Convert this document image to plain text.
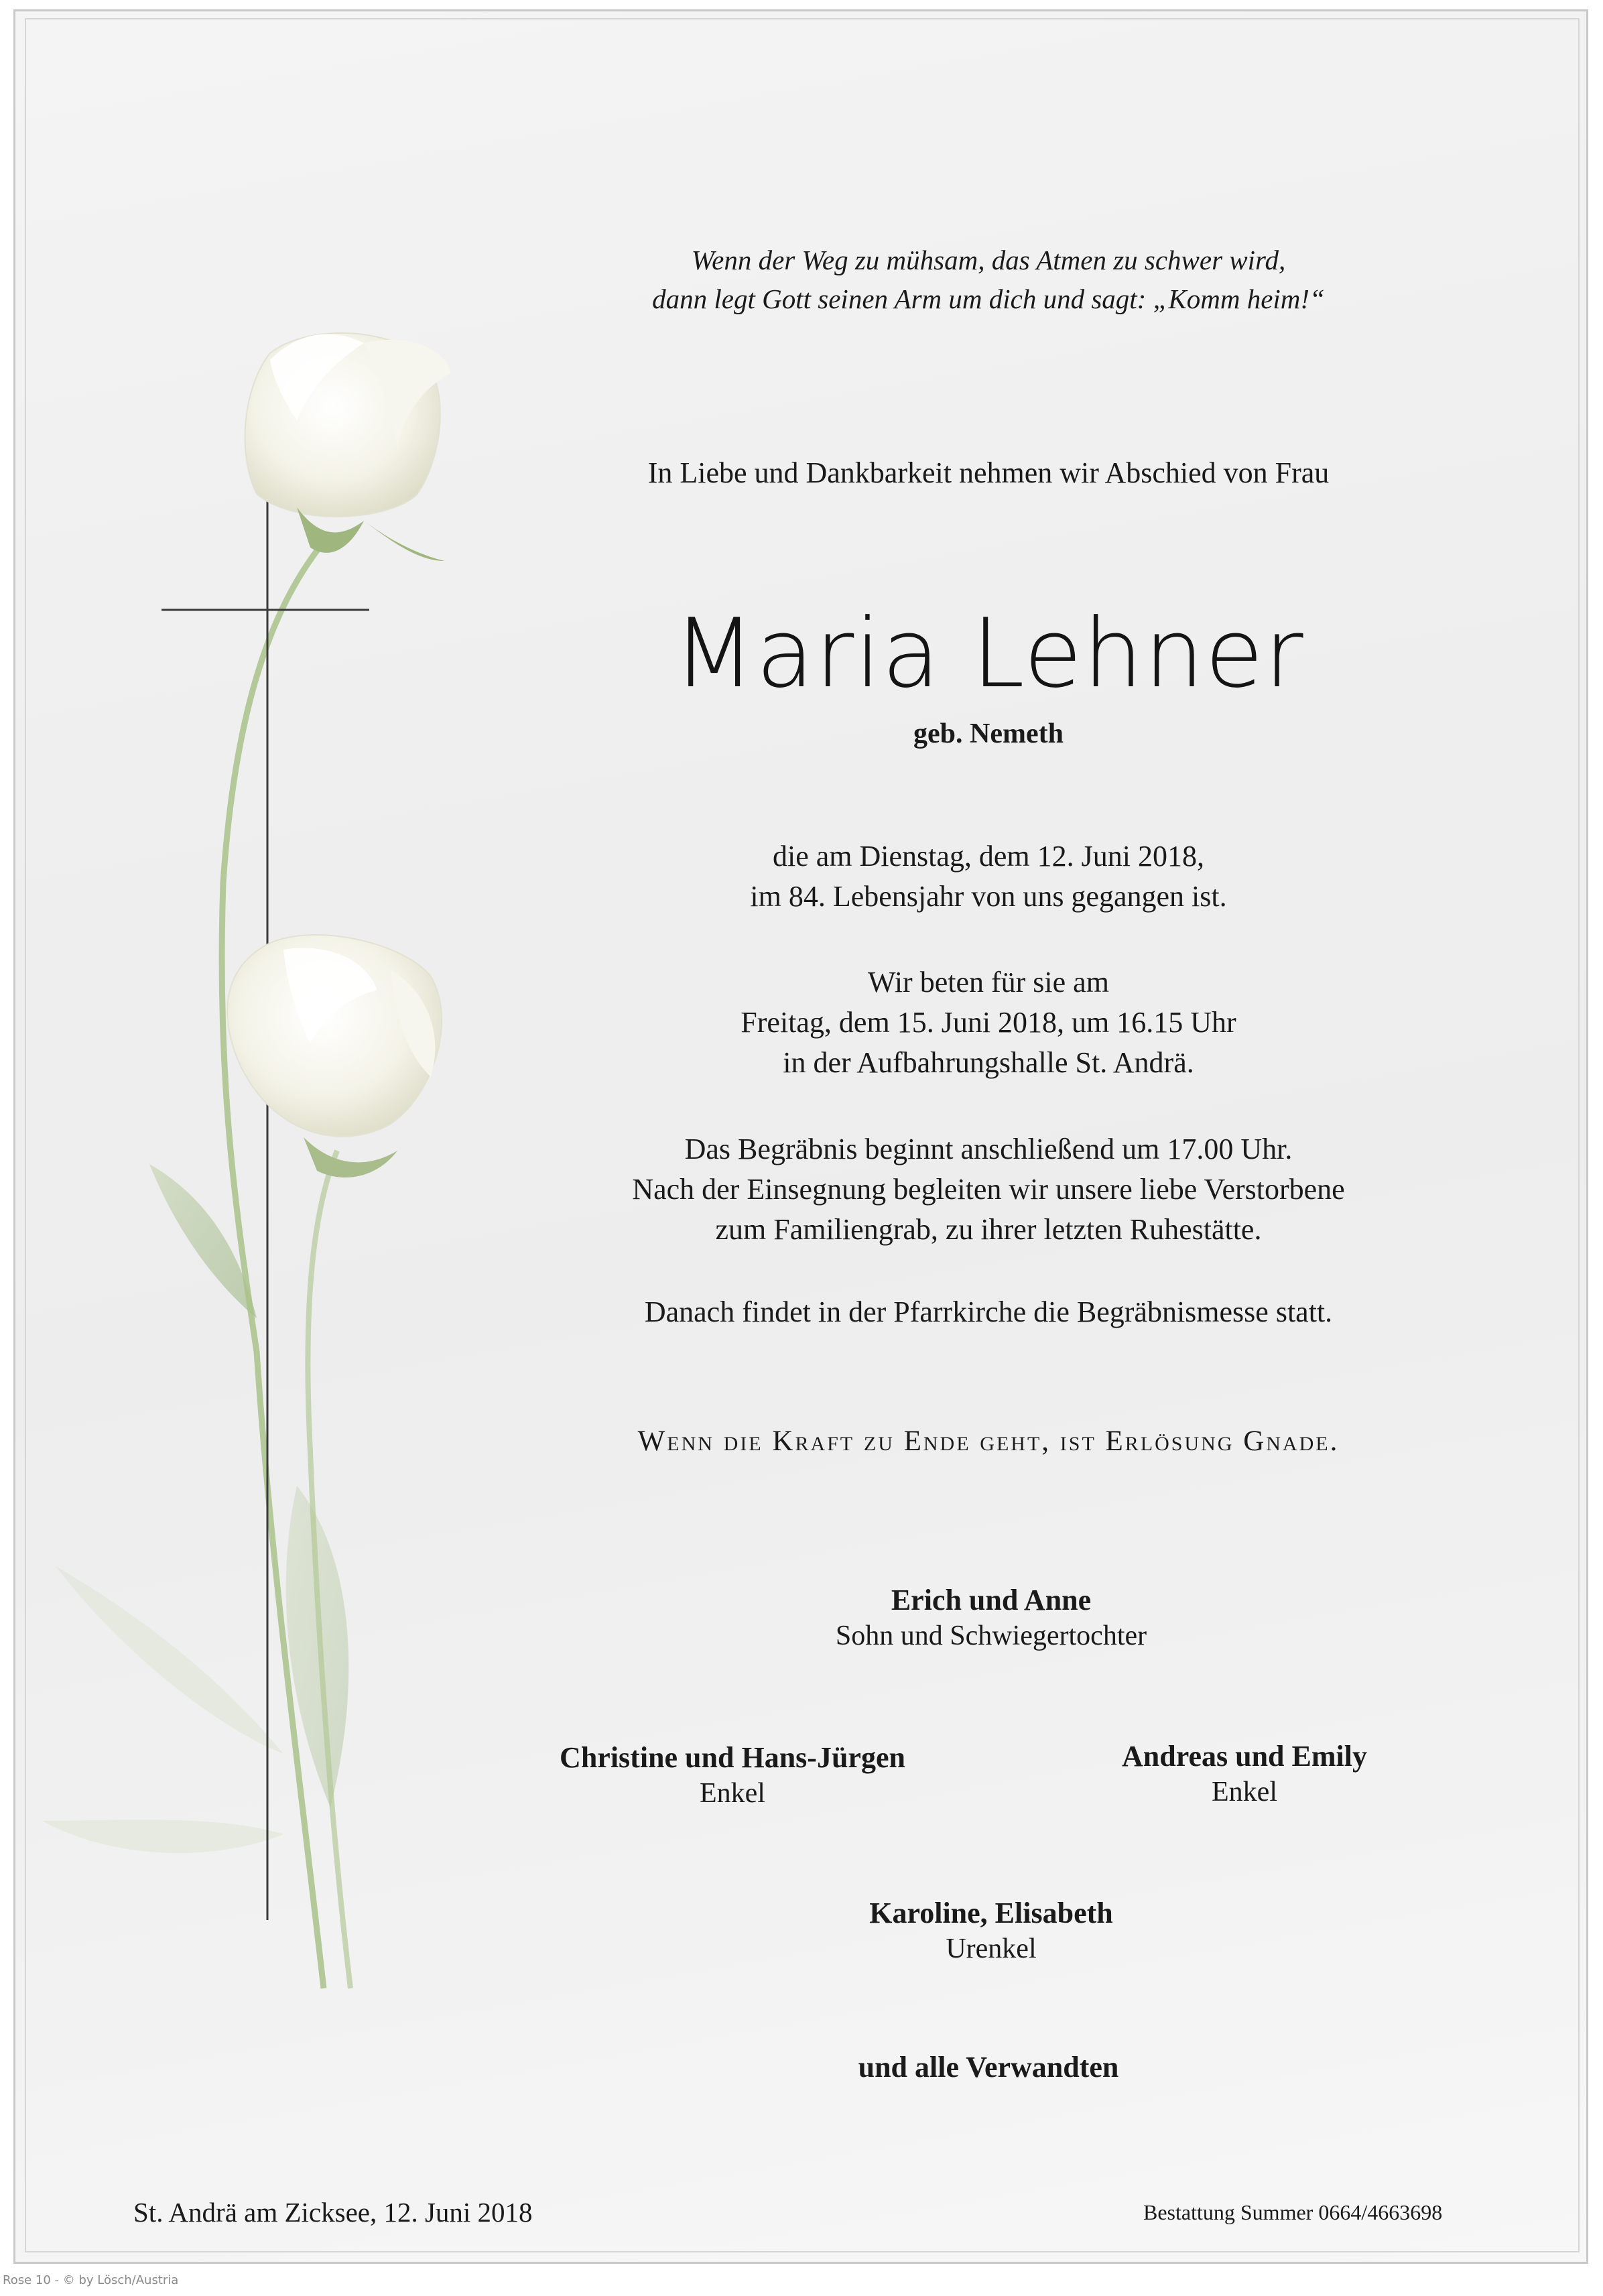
Wenn der Weg zu mühsam, das Atmen zu schwer wird,
dann legt Gott seinen Arm um dich und sagt: „Komm heim!“
In Liebe und Dankbarkeit nehmen wir Abschied von Frau
Maria Lehner
geb. Nemeth
die am Dienstag, dem 12. Juni 2018,
im 84. Lebensjahr von uns gegangen ist.
Wir beten für sie am
Freitag, dem 15. Juni 2018, um 16.15 Uhr
in der Aufbahrungshalle St. Andrä.
Das Begräbnis beginnt anschließend um 17.00 Uhr.
Nach der Einsegnung begleiten wir unsere liebe Verstorbene
zum Familiengrab, zu ihrer letzten Ruhestätte.
Danach findet in der Pfarrkirche die Begräbnismesse statt.
Wenn die Kraft zu Ende geht, ist Erlösung Gnade.
Erich und Anne
Sohn und Schwiegertochter
Christine und Hans-Jürgen
Enkel
Andreas und Emily
Enkel
Karoline, Elisabeth
Urenkel
und alle Verwandten
St. Andrä am Zicksee, 12. Juni 2018	Bestattung Summer 0664/4663698
Rose 10 - © by Lösch/Austria
